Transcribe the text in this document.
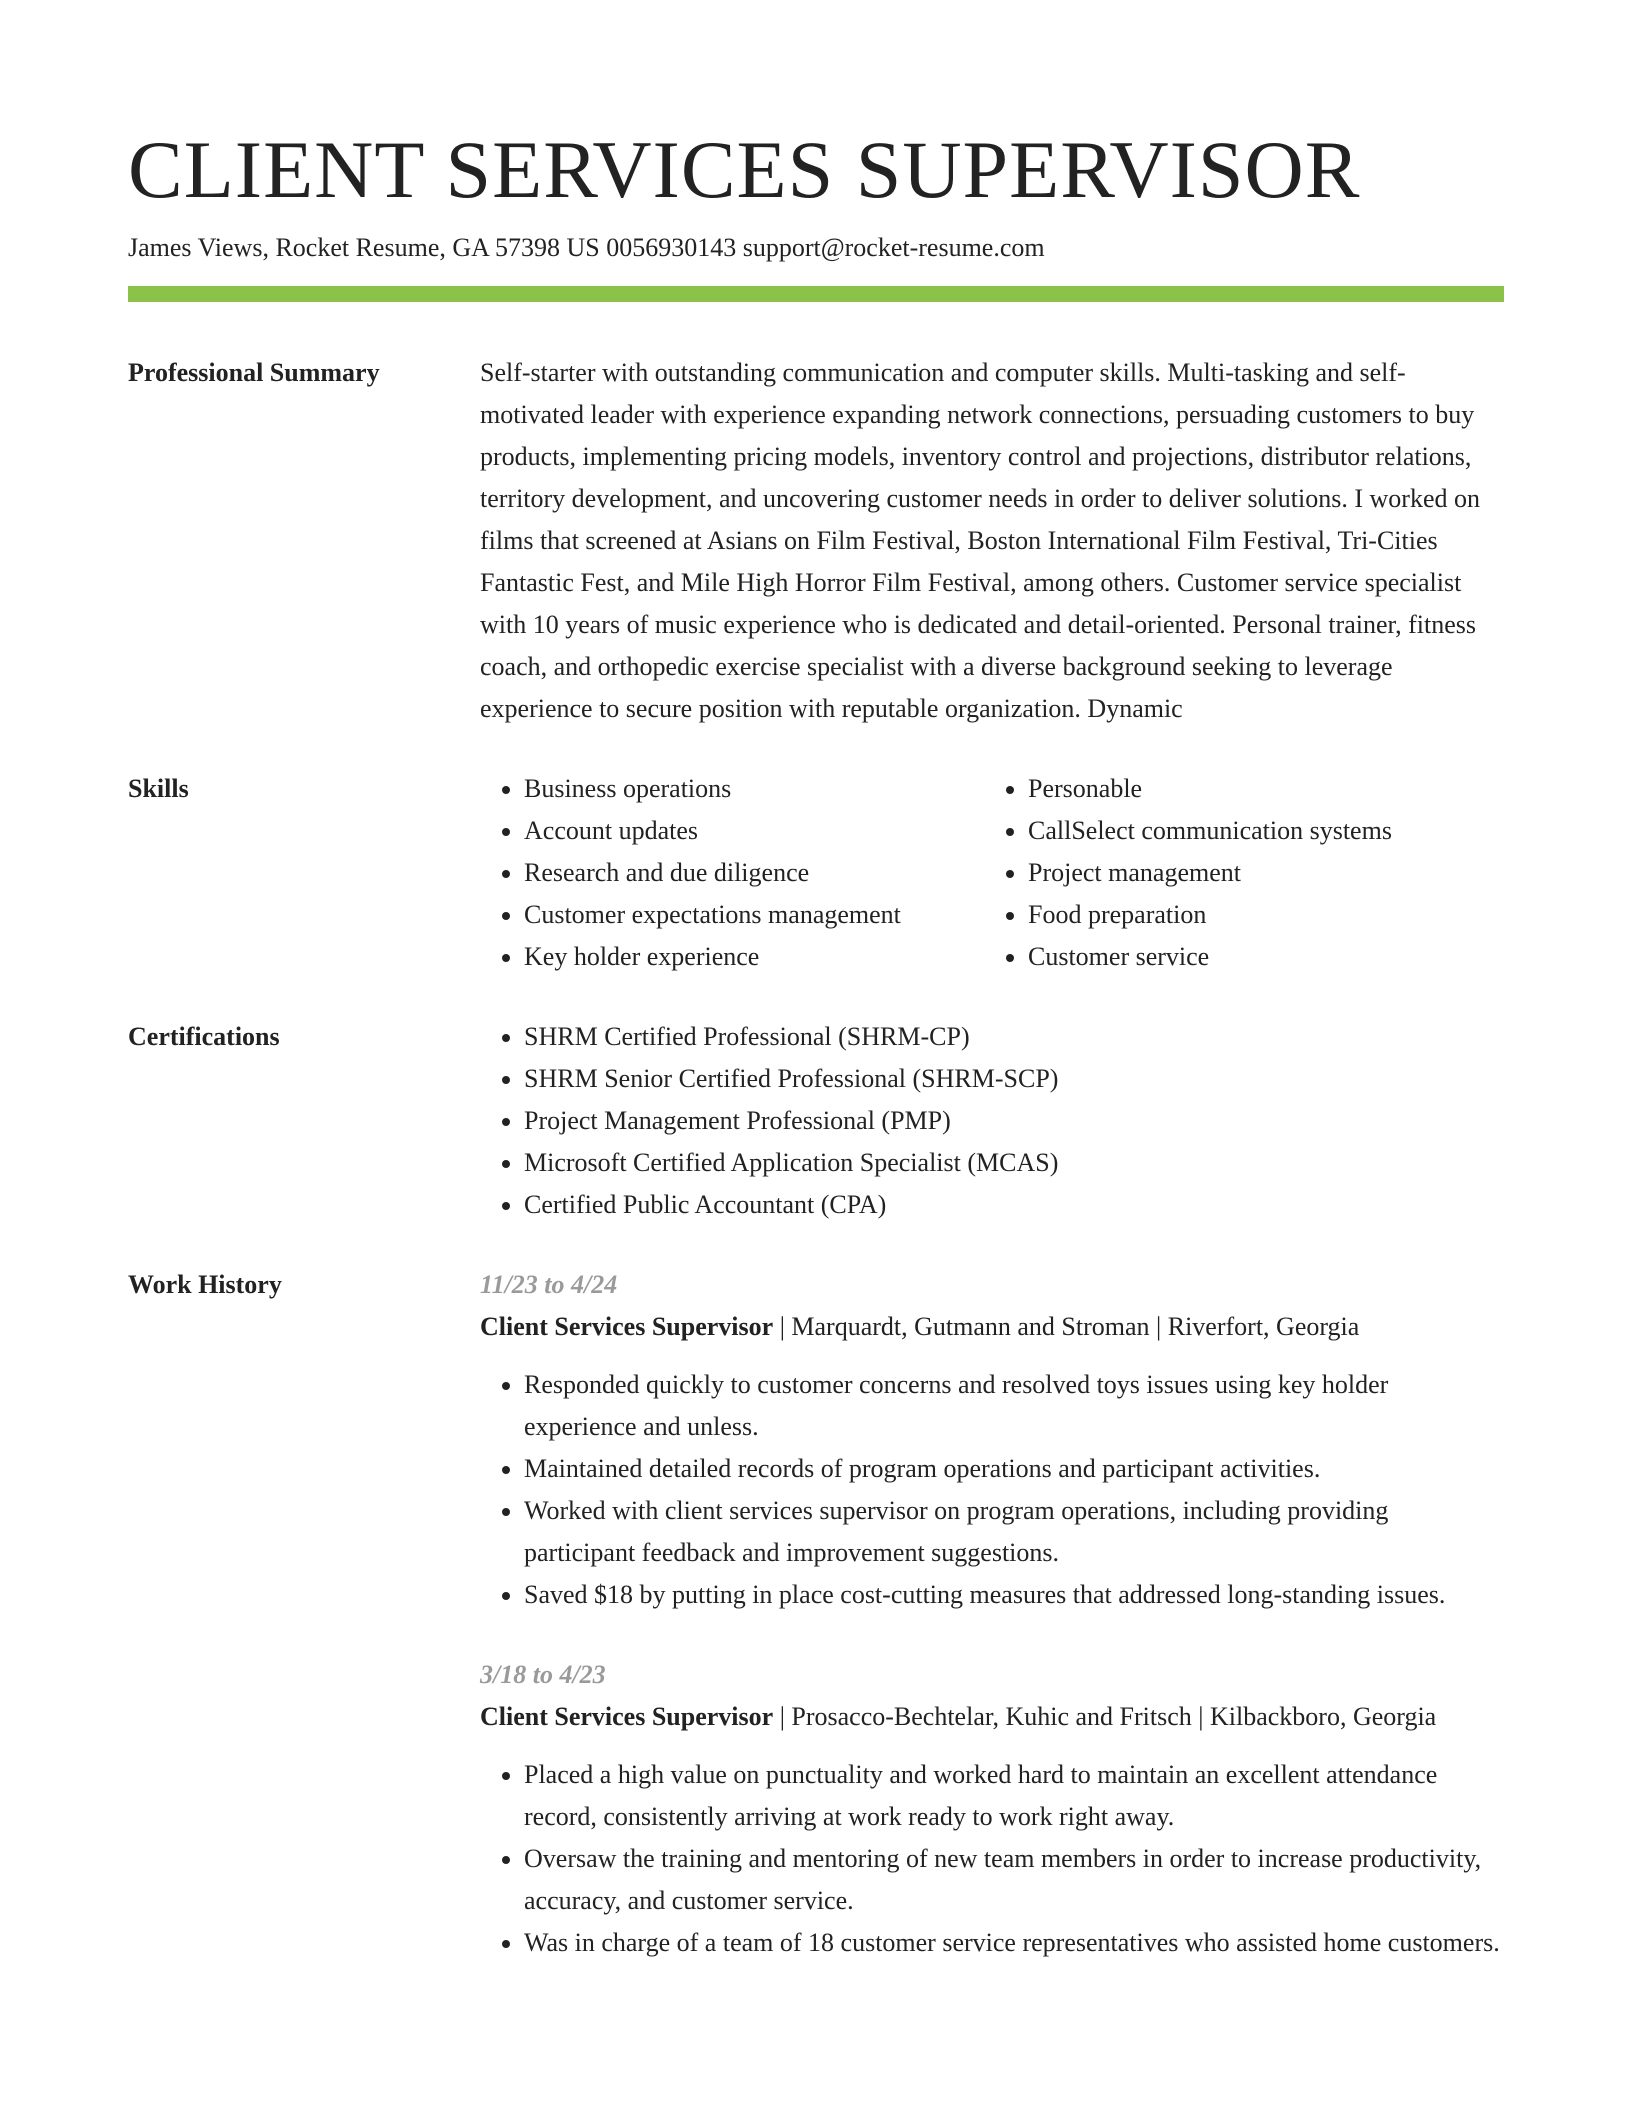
CLIENT SERVICES SUPERVISOR
James Views, Rocket Resume, GA 57398 US 0056930143 support@rocket-resume.com
Professional Summary	Self-starter with outstanding communication and computer skills. Multi-tasking and self-motivated leader with experience expanding network connections, persuading customers to buy products, implementing pricing models, inventory control and projections, distributor relations, territory development, and uncovering customer needs in order to deliver solutions. I worked on films that screened at Asians on Film Festival, Boston International Film Festival, Tri-Cities Fantastic Fest, and Mile High Horror Film Festival, among others. Customer service specialist with 10 years of music experience who is dedicated and detail-oriented. Personal trainer, fitness coach, and orthopedic exercise specialist with a diverse background seeking to leverage experience to secure position with reputable organization. Dynamic

Skills	• Business operations
• Account updates
• Research and due diligence
• Customer expectations management
• Key holder experience
• Personable
• CallSelect communication systems
• Project management
• Food preparation
• Customer service
Certifications	• SHRM Certified Professional (SHRM-CP)
• SHRM Senior Certified Professional (SHRM-SCP)
• Project Management Professional (PMP)
• Microsoft Certified Application Specialist (MCAS)
• Certified Public Accountant (CPA)
Work History	11/23 to 4/24
Client Services Supervisor | Marquardt, Gutmann and Stroman | Riverfort, Georgia
• Responded quickly to customer concerns and resolved toys issues using key holder experience and unless.
• Maintained detailed records of program operations and participant activities.
• Worked with client services supervisor on program operations, including providing participant feedback and improvement suggestions.
• Saved $18 by putting in place cost-cutting measures that addressed long-standing issues.
3/18 to 4/23
Client Services Supervisor | Prosacco-Bechtelar, Kuhic and Fritsch | Kilbackboro, Georgia
• Placed a high value on punctuality and worked hard to maintain an excellent attendance record, consistently arriving at work ready to work right away.
• Oversaw the training and mentoring of new team members in order to increase productivity, accuracy, and customer service.
• Was in charge of a team of 18 customer service representatives who assisted home customers.
